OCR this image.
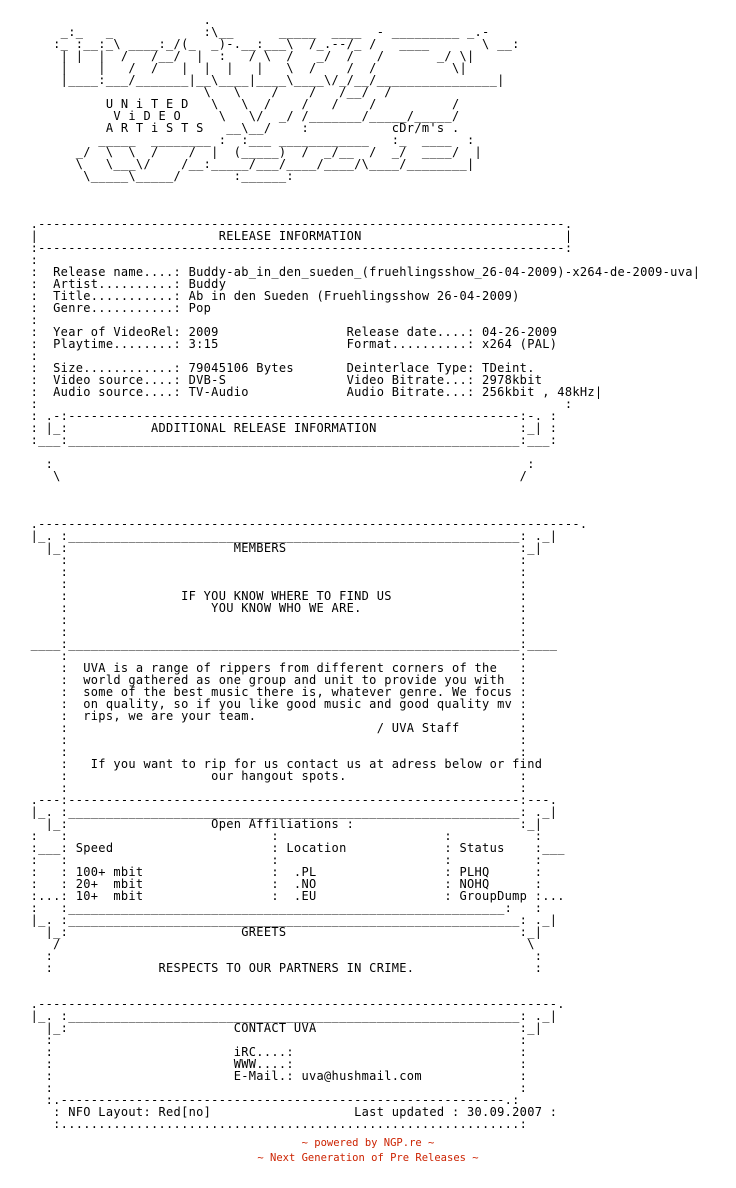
.
_:_   _            :\__      _____  ____  - _________ _.-
:_ :__:_\ ____:_/(_  _)-.__:___\  /_.--/_ /   ____       \ __:
| |  |  /   /__/  |  :   / \  /   _/  /   /       _/ \|
|    |   /  /   |  |  |   |   \  /    /  /          \|
|____:___/_______|__\____|____\____\/_/__/________________|
\   \    /    /   /__/  /
U N i T E D   \   \  /    /   /    /          /
V i D E O     \   \/  _/ /_______/_____/_____/
A R T i S T S   __\__/    :           cDr/m's .
_____  ________ :  :___ ____________   :_  ____  :
_/  \  \  /    /  |  (_____)  /  _/__  /  _/  ____/  |
\   \___\/    /__:_____/___/____/____/\____/________|
\_____\_____/       :______:

.----------------------------------------------------------------------.
|                        RELEASE INFORMATION                           |
:----------------------------------------------------------------------:
:
:  Release name....: Buddy-ab_in_den_sueden_(fruehlingsshow_26-04-2009)-x264-de-2009-uva|
:  Artist..........: Buddy
:  Title...........: Ab in den Sueden (Fruehlingsshow 26-04-2009)
:  Genre...........: Pop
:
:  Year of VideoRel: 2009                 Release date....: 04-26-2009
:  Playtime........: 3:15                 Format..........: x264 (PAL)
:
:  Size............: 79045106 Bytes       Deinterlace Type: TDeint.
:  Video source....: DVB-S                Video Bitrate...: 2978kbit
:  Audio source....: TV-Audio             Audio Bitrate...: 256kbit , 48kHz|
:                                                                      :
: .-:------------------------------------------------------------:-. :
: |_:           ADDITIONAL RELEASE INFORMATION                   :_| :
:___:____________________________________________________________:___:

:                                                               :
\                                                             /

.------------------------------------------------------------------------.
|_. :____________________________________________________________: ._|
|_:                      MEMBERS                               :_|
:                                                            :
:                                                            :
:                                                            :
:               IF YOU KNOW WHERE TO FIND US                 :
:                   YOU KNOW WHO WE ARE.                     :
:                                                            :
:                                                            :
____:____________________________________________________________:____
:                                                            :
:  UVA is a range of rippers from different corners of the   :
:  world gathered as one group and unit to provide you with  :
:  some of the best music there is, whatever genre. We focus :
:  on quality, so if you like good music and good quality mv :
:  rips, we are your team.                                   :
:                                         / UVA Staff        :
:                                                            :
:                                                            :
:   If you want to rip for us contact us at adress below or find
:                   our hangout spots.                       :
:                                                            :
.---:------------------------------------------------------------:---.
|_. :____________________________________________________________: ._|
|_:                   Open Affiliations :                      :_|
:   :                           :                      :           :
:___: Speed                     : Location             : Status    :___
:   :                           :                      :           :
:   : 100+ mbit                 :  .PL                 : PLHQ      :
:   : 20+  mbit                 :  .NO                 : NOHQ      :
:...: 10+  mbit                 :  .EU                 : GroupDump :...
:   :__________________________________________________________:   :
|_. :____________________________________________________________: ._|
|_:                       GREETS                               :_|
/                                                              \
:                                                                :
:              RESPECTS TO OUR PARTNERS IN CRIME.                :

.---------------------------------------------------------------------.
|_. :____________________________________________________________: ._|
|_:                      CONTACT UVA                           :_|
:                                                              :
:                        iRC....:                              :
:                        WWW....:                              :
:                        E-Mail.: uva@hushmail.com             :
:                                                              :
:.-----------------------------------------------------------.:
: NFO Layout: Red[no]                   Last updated : 30.09.2007 :
:.............................................................:
~ powered by NGP.re ~
~ Next Generation of Pre Releases ~
